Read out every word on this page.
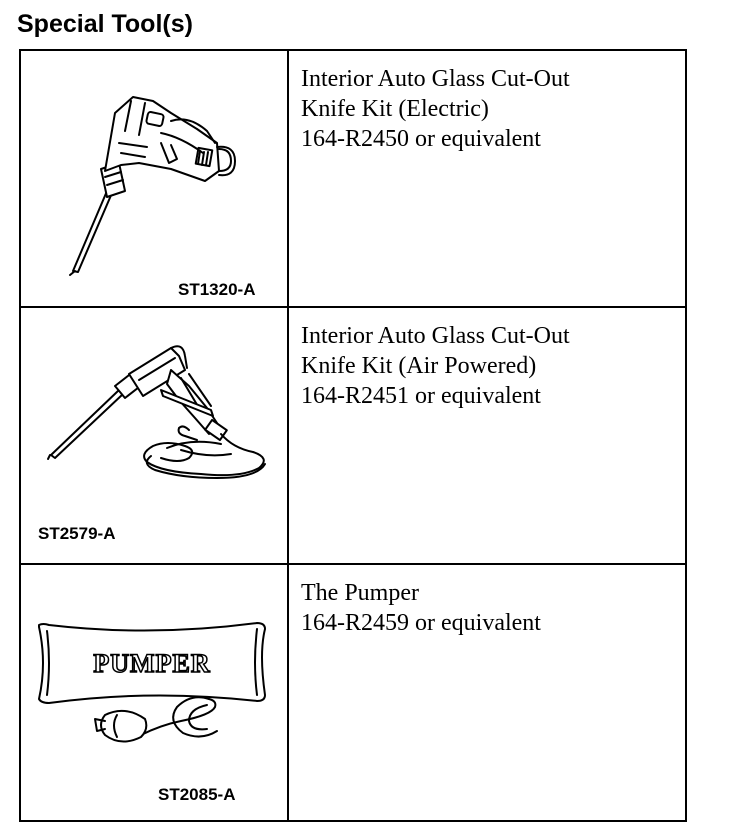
Special Tool(s)
ST1320-A	Interior Auto Glass Cut-Out
Knife Kit (Electric)
164-R2450 or equivalent

ST2579-A	Interior Auto Glass Cut-Out
Knife Kit (Air Powered)
164-R2451 or equivalent

PUMPER
ST2085-A	The Pumper
164-R2459 or equivalent
